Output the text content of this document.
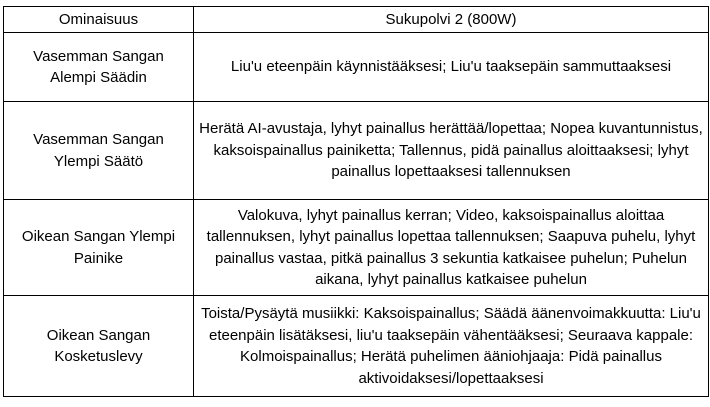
Ominaisuus	Sukupolvi 2 (800W)
Vasemman Sangan Alempi Säädin	Liu'u eteenpäin käynnistääksesi; Liu'u taaksepäin sammuttaaksesi
Vasemman Sangan Ylempi Säätö	Herätä AI-avustaja, lyhyt painallus herättää/lopettaa; Nopea kuvantunnistus, kaksoispainallus painiketta; Tallennus, pidä painallus aloittaaksesi; lyhyt painallus lopettaaksesi tallennuksen
Oikean Sangan Ylempi Painike	Valokuva, lyhyt painallus kerran; Video, kaksoispainallus aloittaa tallennuksen, lyhyt painallus lopettaa tallennuksen; Saapuva puhelu, lyhyt painallus vastaa, pitkä painallus 3 sekuntia katkaisee puhelun; Puhelun aikana, lyhyt painallus katkaisee puhelun
Oikean Sangan Kosketuslevy	Toista/Pysäytä musiikki: Kaksoispainallus; Säädä äänenvoimakkuutta: Liu'u eteenpäin lisätäksesi, liu'u taaksepäin vähentääksesi; Seuraava kappale: Kolmoispainallus; Herätä puhelimen ääniohjaaja: Pidä painallus aktivoidaksesi/lopettaaksesi
